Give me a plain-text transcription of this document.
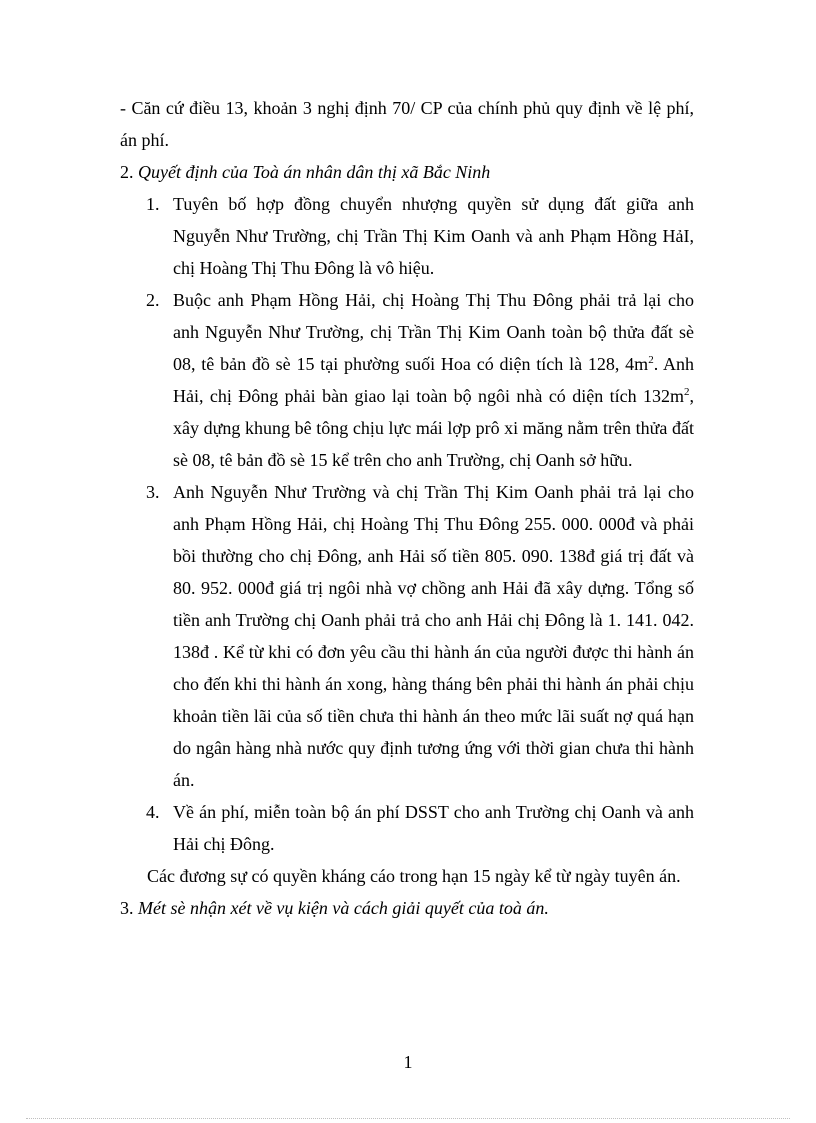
- Căn cứ điều 13, khoản 3 nghị định 70/ CP của chính phủ quy định về lệ phí, án phí.

2. Quyết định của Toà án nhân dân thị xã Bắc Ninh

1. Tuyên bố hợp đồng chuyển nhượng quyền sử dụng đất giữa anh Nguyễn Như Trường, chị Trần Thị Kim Oanh và anh Phạm Hồng HảI, chị Hoàng Thị Thu Đông là vô hiệu.
2. Buộc anh Phạm Hồng Hải, chị Hoàng Thị Thu Đông phải trả lại cho anh Nguyễn Như Trường, chị Trần Thị Kim Oanh toàn bộ thửa đất sè 08, tê bản đồ sè 15 tại phường suối Hoa có diện tích là 128, $4m^2$. Anh Hải, chị Đông phải bàn giao lại toàn bộ ngôi nhà có diện tích $132m^2$, xây dựng khung bê tông chịu lực mái lợp prô xi măng nằm trên thửa đất sè 08, tê bản đồ sè 15 kể trên cho anh Trường, chị Oanh sở hữu.
3. Anh Nguyễn Như Trường và chị Trần Thị Kim Oanh phải trả lại cho anh Phạm Hồng Hải, chị Hoàng Thị Thu Đông 255. 000. 000đ và phải bồi thường cho chị Đông, anh Hải số tiền 805. 090. 138đ giá trị đất và 80. 952. 000đ giá trị ngôi nhà vợ chồng anh Hải đã xây dựng. Tổng số tiền anh Trường chị Oanh phải trả cho anh Hải chị Đông là 1. 141. 042. 138đ . Kể từ khi có đơn yêu cầu thi hành án của người được thi hành án cho đến khi thi hành án xong, hàng tháng bên phải thi hành án phải chịu khoản tiền lãi của số tiền chưa thi hành án theo mức lãi suất nợ quá hạn do ngân hàng nhà nước quy định tương ứng với thời gian chưa thi hành án.
4. Về án phí, miễn toàn bộ án phí DSST cho anh Trường chị Oanh và anh Hải chị Đông.

Các đương sự có quyền kháng cáo trong hạn 15 ngày kể từ ngày tuyên án.

3. Mét sè nhận xét về vụ kiện và cách giải quyết của toà án.

1
